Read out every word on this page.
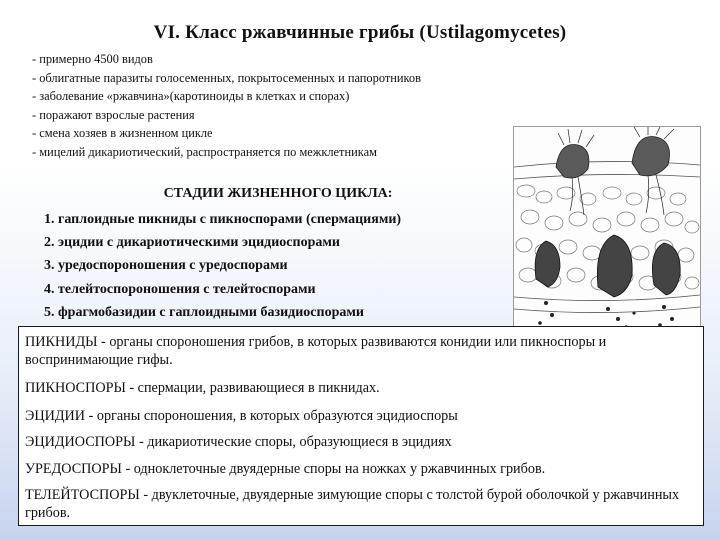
VI. Класс ржавчинные грибы (Ustilagomycetes)
- примерно 4500 видов
- облигатные паразиты голосеменных, покрытосеменных и папоротников
- заболевание «ржавчина»(каротиноиды в клетках и спорах)
- поражают взрослые растения
- смена хозяев в жизненном цикле
- мицелий дикариотический, распространяется по межклетникам
СТАДИИ ЖИЗНЕННОГО ЦИКЛА:
1. гаплоидные пикниды с пикноспорами (спермациями)
2. эцидии с дикариотическими эцидиоспорами
3. уредоспороношения с уредоспорами
4. телейтоспороношения с телейтоспорами
5. фрагмобазидии с гаплоидными базидиоспорами
ПИКНИДЫ - органы спороношения грибов, в которых развиваются конидии или пикноспоры и воспринимающие гифы.
ПИКНОСПОРЫ - спермации, развивающиеся в пикнидах.
ЭЦИДИИ - органы спороношения, в которых образуются эцидиоспоры
ЭЦИДИОСПОРЫ - дикариотические споры, образующиеся в эцидиях
УРЕДОСПОРЫ - одноклеточные двуядерные споры на ножках у ржавчинных грибов.
ТЕЛЕЙТОСПОРЫ - двуклеточные, двуядерные зимующие споры с толстой бурой оболочкой у ржавчинных грибов.
